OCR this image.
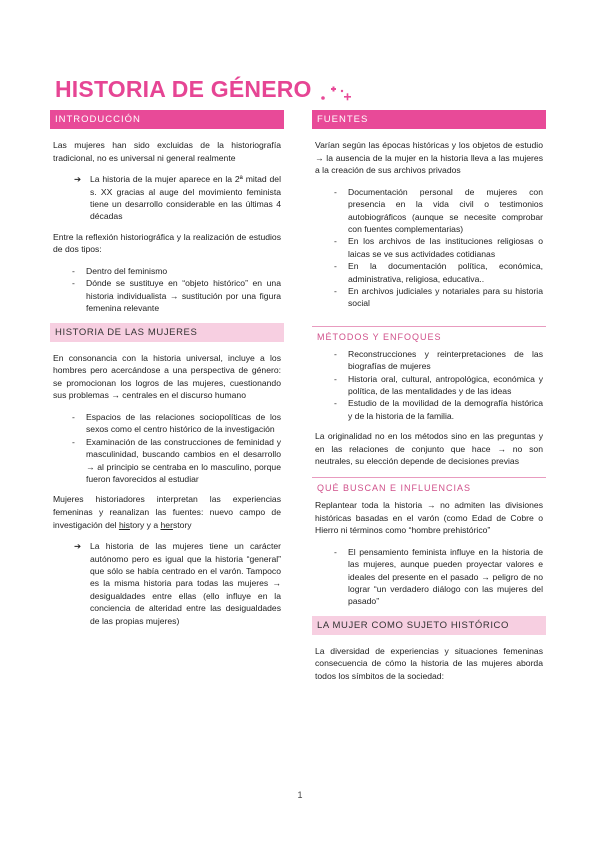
HISTORIA DE GÉNERO
INTRODUCCIÓN

Las mujeres han sido excluidas de la historiografía tradicional, no es universal ni general realmente

➔ La historia de la mujer aparece en la 2ª mitad del s. XX gracias al auge del movimiento feminista tiene un desarrollo considerable en las últimas 4 décadas

Entre la reflexión historiográfica y la realización de estudios de dos tipos:

- Dentro del feminismo
- Dónde se sustituye en “objeto histórico” en una historia individualista → sustitución por una figura femenina relevante
HISTORIA DE LAS MUJERES

En consonancia con la historia universal, incluye a los hombres pero acercándose a una perspectiva de género: se promocionan los logros de las mujeres, cuestionando sus problemas → centrales en el discurso humano

- Espacios de las relaciones sociopolíticas de los sexos como el centro histórico de la investigación
- Examinación de las construcciones de feminidad y masculinidad, buscando cambios en el desarrollo → al principio se centraba en lo masculino, porque fueron favorecidos al estudiar

Mujeres historiadores interpretan las experiencias femeninas y reanalizan las fuentes: nuevo campo de investigación del history y a herstory

➔ La historia de las mujeres tiene un carácter autónomo pero es igual que la historia “general” que sólo se había centrado en el varón. Tampoco es la misma historia para todas las mujeres → desigualdades entre ellas (ello influye en la conciencia de alteridad entre las desigualdades de las propias mujeres)
FUENTES

Varían según las épocas históricas y los objetos de estudio → la ausencia de la mujer en la historia lleva a las mujeres a la creación de sus archivos privados

- Documentación personal de mujeres con presencia en la vida civil o testimonios autobiográficos (aunque se necesite comprobar con fuentes complementarias)
- En los archivos de las instituciones religiosas o laicas se ve sus actividades cotidianas
- En la documentación política, económica, administrativa, religiosa, educativa..
- En archivos judiciales y notariales para su historia social
MÉTODOS Y ENFOQUES
- Reconstrucciones y reinterpretaciones de las biografías de mujeres
- Historia oral, cultural, antropológica, económica y política, de las mentalidades y de las ideas
- Estudio de la movilidad de la demografía histórica y de la historia de la familia.

La originalidad no en los métodos sino en las preguntas y en las relaciones de conjunto que hace → no son neutrales, su elección depende de decisiones previas

QUÉ BUSCAN E INFLUENCIAS

Replantear toda la historia → no admiten las divisiones históricas basadas en el varón (como Edad de Cobre o Hierro ni términos como “hombre prehistórico”

- El pensamiento feminista influye en la historia de las mujeres, aunque pueden proyectar valores e ideales del presente en el pasado → peligro de no lograr “un verdadero diálogo con las mujeres del pasado”
LA MUJER COMO SUJETO HISTÓRICO

La diversidad de experiencias y situaciones femeninas consecuencia de cómo la historia de las mujeres aborda todos los símbitos de la sociedad:

1
